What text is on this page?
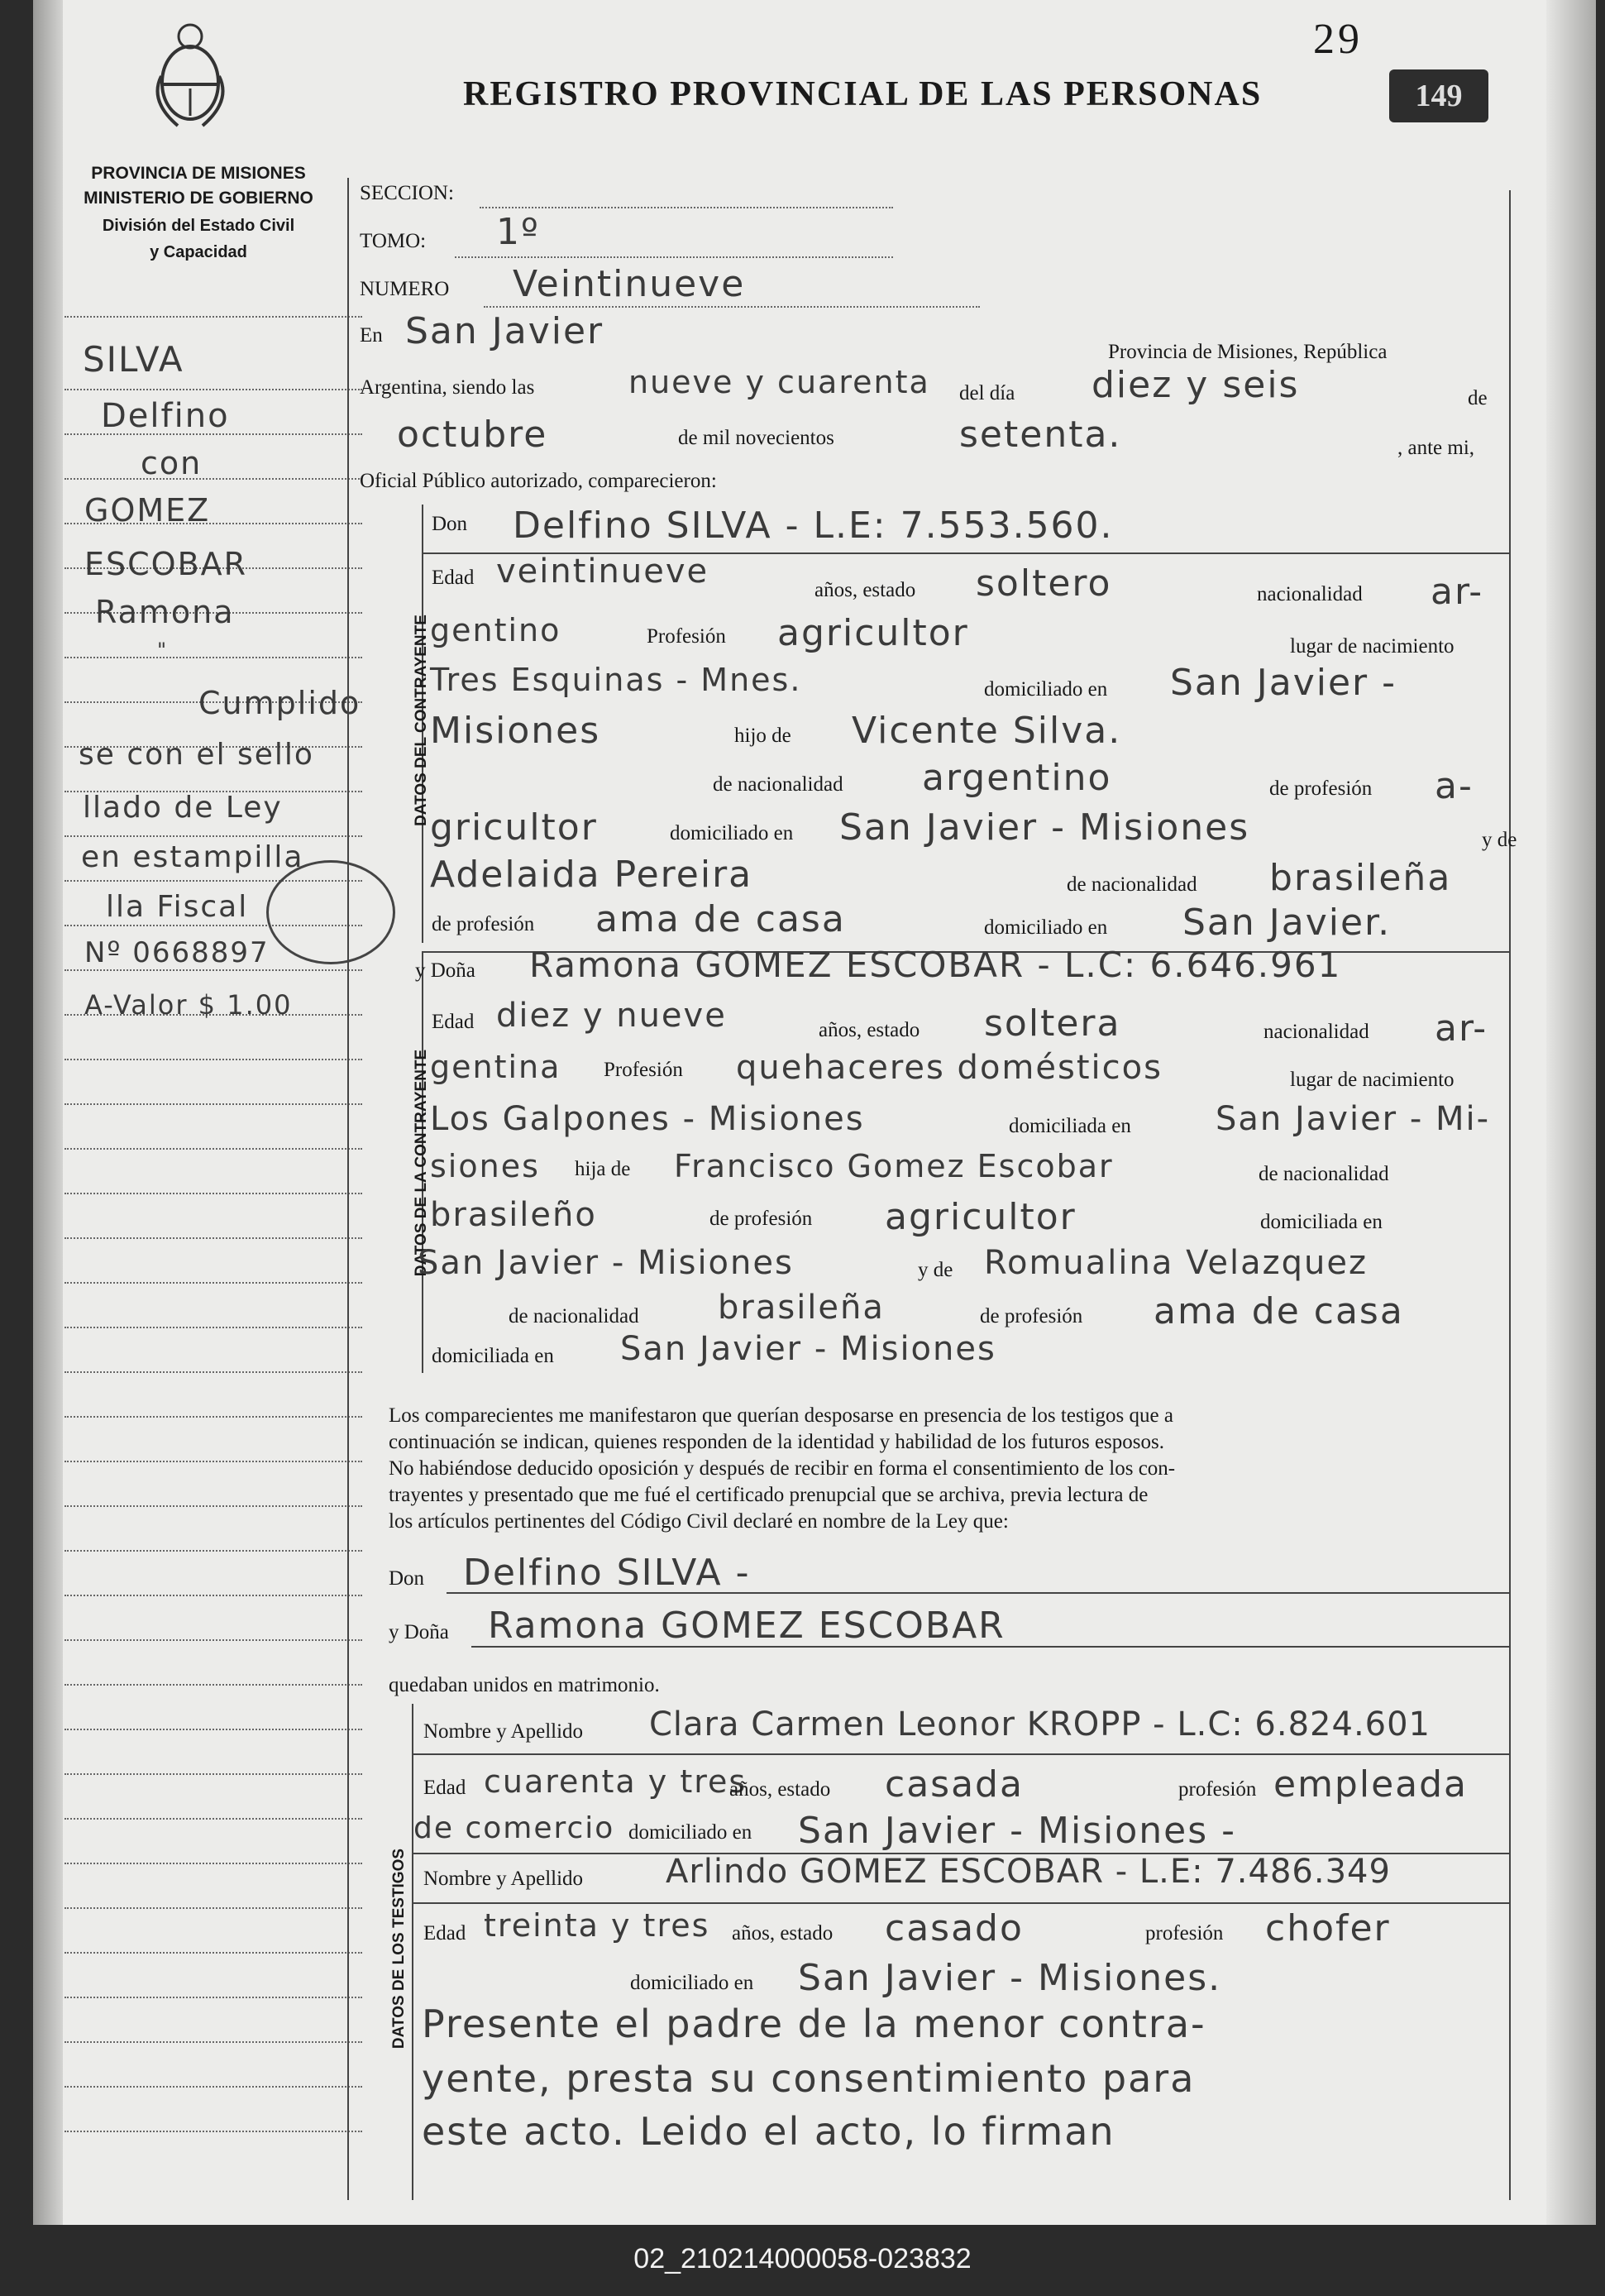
29
REGISTRO PROVINCIAL DE LAS PERSONAS	149
PROVINCIA DE MISIONES
MINISTERIO DE GOBIERNO
División del Estado Civil
y Capacidad
SILVA
Delfino
con
GOMEZ
ESCOBAR
Ramona
"
Cumplido
se con el sello
llado de Ley
en estampilla
lla Fiscal
Nº 0668897
A-Valor $ 1.00
SECCION:
TOMO: 1º
NUMERO Veintinueve
En San Javier	Provincia de Misiones, República
Argentina, siendo las	nueve y cuarenta del día diez y seis	de
octubre	de mil novecientos	setenta.	, ante mi,
Oficial Público autorizado, comparecieron:
DATOS DEL CONTRAYENTE
Don Delfino SILVA - L.E: 7.553.560.
Edad veintinueve	años, estado soltero	nacionalidad ar-
gentino	Profesión agricultor	lugar de nacimiento
Tres Esquinas - Mnes.	domiciliado en San Javier -
Misiones	hijo de Vicente Silva.
de nacionalidad argentino	de profesión a-
gricultor	domiciliado en San Javier - Misiones	y de
Adelaida Pereira	de nacionalidad brasileña
de profesión ama de casa	domiciliado en San Javier.
DATOS DE LA CONTRAYENTE
y Doña Ramona GOMEZ ESCOBAR - L.C: 6.646.961
Edad diez y nueve	años, estado soltera	nacionalidad ar-
gentina Profesión quehaceres domésticos	lugar de nacimiento
Los Galpones - Misiones	domiciliada en	San Javier - Mi-
siones hija de Francisco Gomez Escobar	de nacionalidad
brasileño	de profesión agricultor	domiciliada en
San Javier - Misiones	y de Romualina Velazquez
de nacionalidad brasileña	de profesión ama de casa
domiciliada en San Javier - Misiones
Los comparecientes me manifestaron que querían desposarse en presencia de los testigos que a
continuación se indican, quienes responden de la identidad y habilidad de los futuros esposos.
No habiéndose deducido oposición y después de recibir en forma el consentimiento de los con-
trayentes y presentado que me fué el certificado prenupcial que se archiva, previa lectura de
los artículos pertinentes del Código Civil declaré en nombre de la Ley que:
Don Delfino SILVA -
y Doña Ramona GOMEZ ESCOBAR
quedaban unidos en matrimonio.
DATOS DE LOS TESTIGOS
Nombre y Apellido Clara Carmen Leonor KROPP - L.C: 6.824.601
Edad cuarenta y tres
años, estado casada	profesión empleada
de comercio domiciliado en San Javier - Misiones -
Nombre y Apellido Arlindo GOMEZ ESCOBAR - L.E: 7.486.349
Edad treinta y tres años, estado casado	profesión chofer
domiciliado en San Javier - Misiones.
Presente el padre de la menor contra-
yente, presta su consentimiento para
este acto. Leido el acto, lo firman
02_210214000058-023832
